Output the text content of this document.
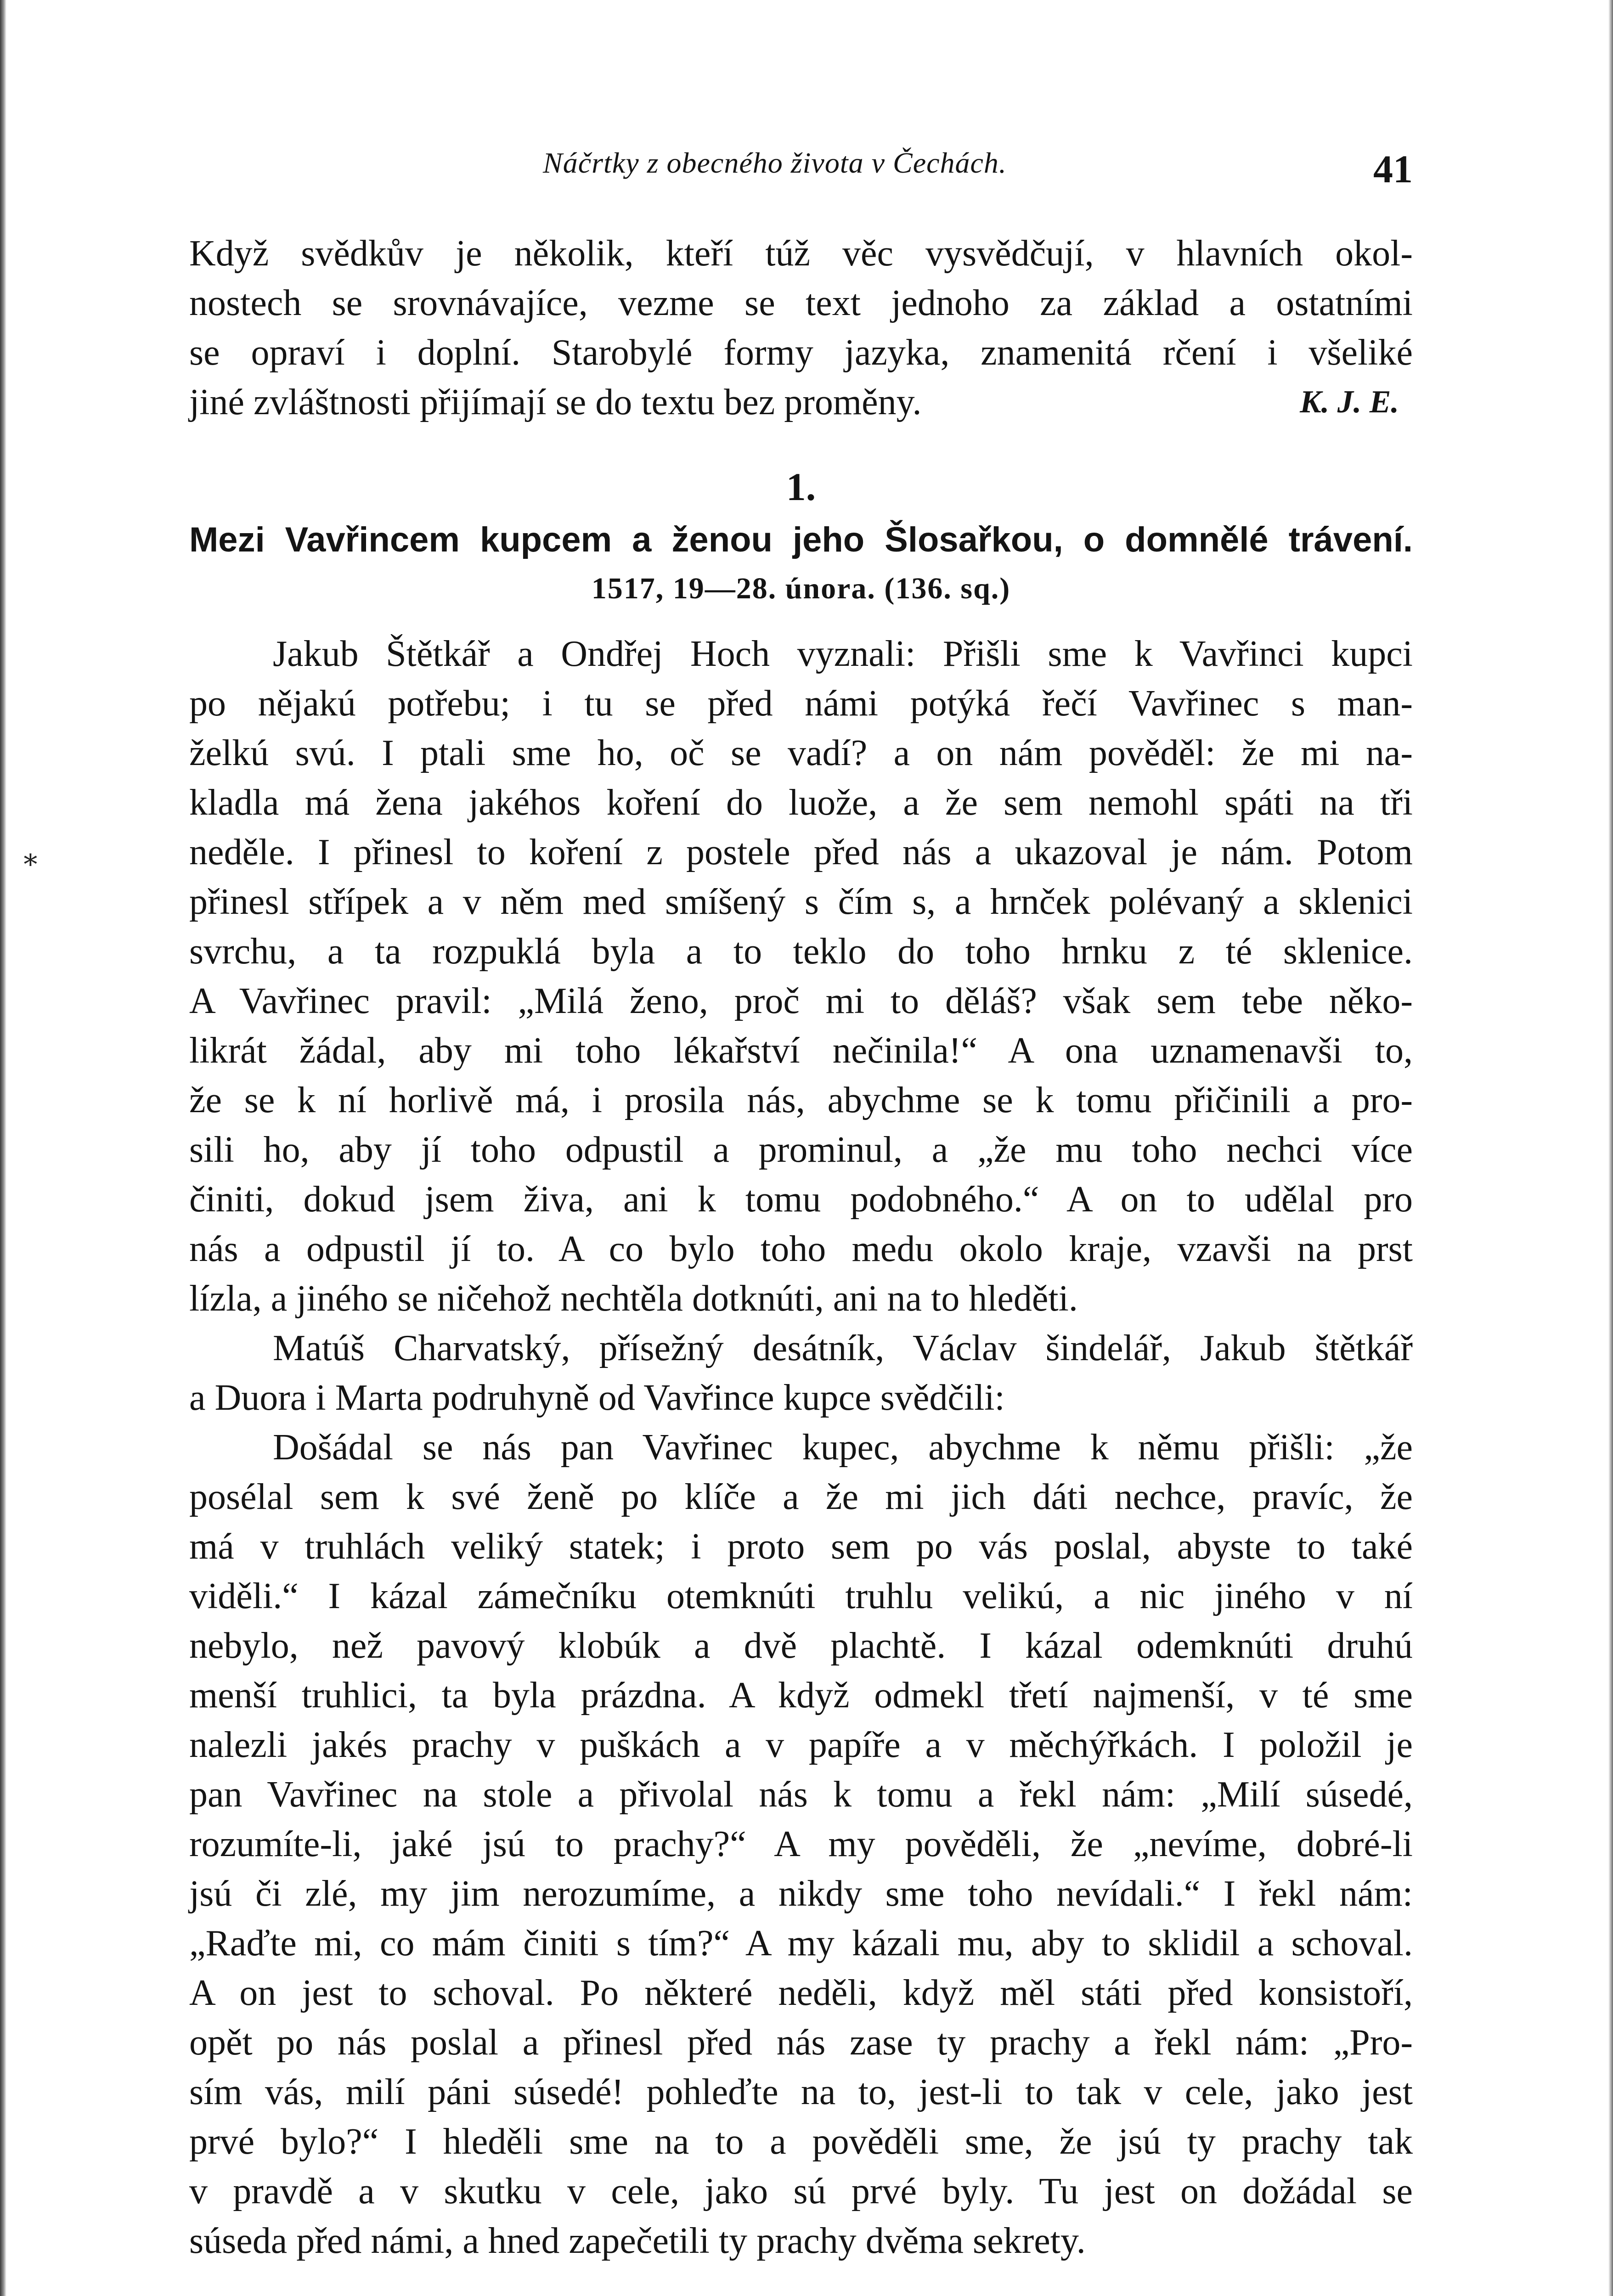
∗
Náčrtky z obecného života v Čechách.	41
Když svědkův je několik, kteří túž věc vysvědčují, v hlavních okol-
nostech se srovnávajíce, vezme se text jednoho za základ a ostatními
se opraví i doplní. Starobylé formy jazyka, znamenitá rčení i všeliké
jiné zvláštnosti přijímají se do textu bez proměny.	K. J. E.
1.
Mezi Vavřincem kupcem a ženou jeho Šlosařkou, o domnělé trávení.
1517, 19—28. února. (136. sq.)
Jakub Štětkář a Ondřej Hoch vyznali: Přišli sme k Vavřinci kupci
po nějakú potřebu; i tu se před námi potýká řečí Vavřinec s man-
želkú svú. I ptali sme ho, oč se vadí? a on nám pověděl: že mi na-
kladla má žena jakéhos koření do luože, a že sem nemohl spáti na tři
neděle. I přinesl to koření z postele před nás a ukazoval je nám. Potom
přinesl střípek a v něm med smíšený s čím s, a hrnček polévaný a sklenici
svrchu, a ta rozpuklá byla a to teklo do toho hrnku z té sklenice.
A Vavřinec pravil: „Milá ženo, proč mi to děláš? však sem tebe něko-
likrát žádal, aby mi toho lékařství nečinila!“ A ona uznamenavši to,
že se k ní horlivě má, i prosila nás, abychme se k tomu přičinili a pro-
sili ho, aby jí toho odpustil a prominul, a „že mu toho nechci více
činiti, dokud jsem živa, ani k tomu podobného.“ A on to udělal pro
nás a odpustil jí to. A co bylo toho medu okolo kraje, vzavši na prst
lízla, a jiného se ničehož nechtěla dotknúti, ani na to hleděti.
Matúš Charvatský, přísežný desátník, Václav šindelář, Jakub štětkář
a Duora i Marta podruhyně od Vavřince kupce svědčili:
Došádal se nás pan Vavřinec kupec, abychme k němu přišli: „že
posélal sem k své ženě po klíče a že mi jich dáti nechce, pravíc, že
má v truhlách veliký statek; i proto sem po vás poslal, abyste to také
viděli.“ I kázal zámečníku otemknúti truhlu velikú, a nic jiného v ní
nebylo, než pavový klobúk a dvě plachtě. I kázal odemknúti druhú
menší truhlici, ta byla prázdna. A když odmekl třetí najmenší, v té sme
nalezli jakés prachy v puškách a v papíře a v měchýřkách. I položil je
pan Vavřinec na stole a přivolal nás k tomu a řekl nám: „Milí súsedé,
rozumíte-li, jaké jsú to prachy?“ A my pověděli, že „nevíme, dobré-li
jsú či zlé, my jim nerozumíme, a nikdy sme toho nevídali.“ I řekl nám:
„Raďte mi, co mám činiti s tím?“ A my kázali mu, aby to sklidil a schoval.
A on jest to schoval. Po některé neděli, když měl státi před konsistoří,
opět po nás poslal a přinesl před nás zase ty prachy a řekl nám: „Pro-
sím vás, milí páni súsedé! pohleďte na to, jest-li to tak v cele, jako jest
prvé bylo?“ I hleděli sme na to a pověděli sme, že jsú ty prachy tak
v pravdě a v skutku v cele, jako sú prvé byly. Tu jest on dožádal se
súseda před námi, a hned zapečetili ty prachy dvěma sekrety.
